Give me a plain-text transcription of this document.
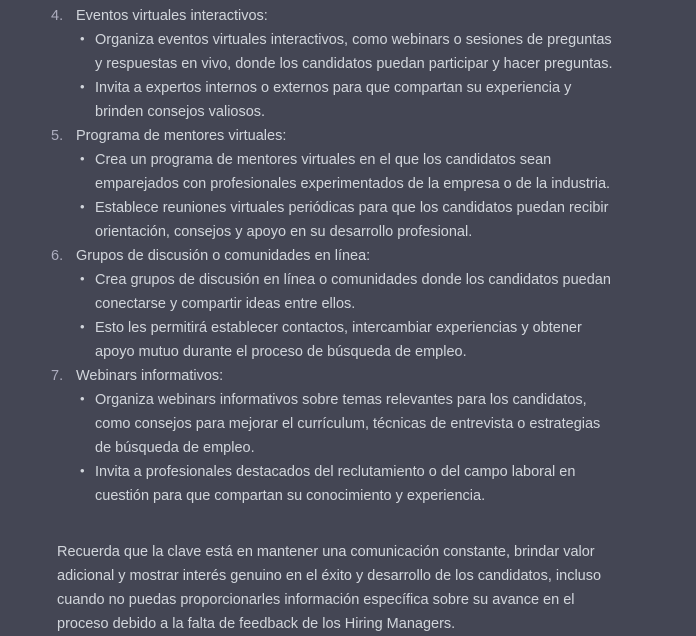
4. Eventos virtuales interactivos:
• Organiza eventos virtuales interactivos, como webinars o sesiones de preguntas y respuestas en vivo, donde los candidatos puedan participar y hacer preguntas.
• Invita a expertos internos o externos para que compartan su experiencia y brinden consejos valiosos.
5. Programa de mentores virtuales:
• Crea un programa de mentores virtuales en el que los candidatos sean emparejados con profesionales experimentados de la empresa o de la industria.
• Establece reuniones virtuales periódicas para que los candidatos puedan recibir orientación, consejos y apoyo en su desarrollo profesional.
6. Grupos de discusión o comunidades en línea:
• Crea grupos de discusión en línea o comunidades donde los candidatos puedan conectarse y compartir ideas entre ellos.
• Esto les permitirá establecer contactos, intercambiar experiencias y obtener apoyo mutuo durante el proceso de búsqueda de empleo.
7. Webinars informativos:
• Organiza webinars informativos sobre temas relevantes para los candidatos, como consejos para mejorar el currículum, técnicas de entrevista o estrategias de búsqueda de empleo.
• Invita a profesionales destacados del reclutamiento o del campo laboral en cuestión para que compartan su conocimiento y experiencia.

Recuerda que la clave está en mantener una comunicación constante, brindar valor adicional y mostrar interés genuino en el éxito y desarrollo de los candidatos, incluso cuando no puedas proporcionarles información específica sobre su avance en el proceso debido a la falta de feedback de los Hiring Managers.
